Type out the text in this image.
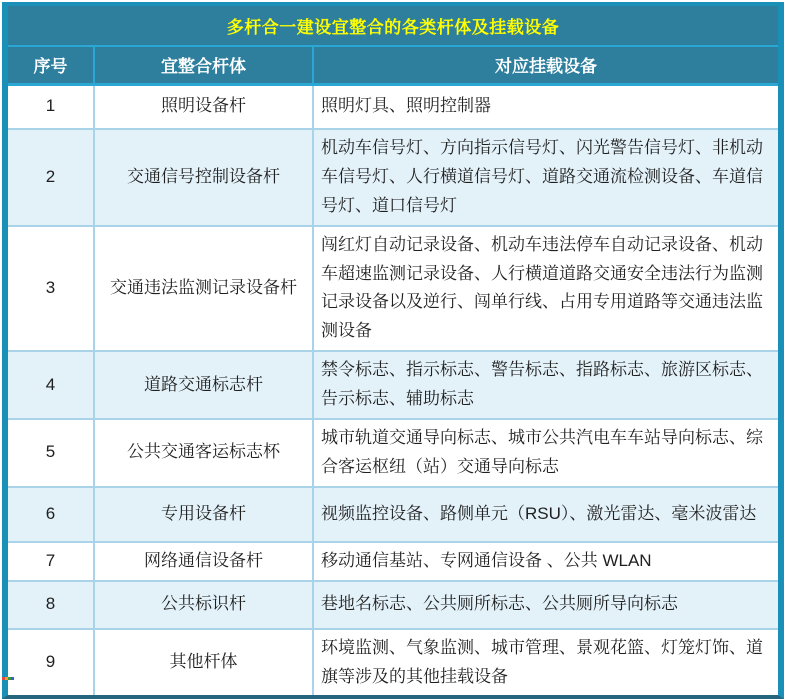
多杆合一建设宜整合的各类杆体及挂载设备
序号	宜整合杆体	对应挂载设备
1	照明设备杆	照明灯具、照明控制器
2	交通信号控制设备杆	机动车信号灯、方向指示信号灯、闪光警告信号灯、非机动车信号灯、人行横道信号灯、道路交通流检测设备、车道信号灯、道口信号灯
3	交通违法监测记录设备杆	闯红灯自动记录设备、机动车违法停车自动记录设备、机动车超速监测记录设备、人行横道道路交通安全违法行为监测记录设备以及逆行、闯单行线、占用专用道路等交通违法监测设备
4	道路交通标志杆	禁令标志、指示标志、警告标志、指路标志、旅游区标志、告示标志、辅助标志
5	公共交通客运标志杯	城市轨道交通导向标志、城市公共汽电车车站导向标志、综合客运枢纽（站）交通导向标志
6	专用设备杆	视频监控设备、路侧单元（RSU）、激光雷达、毫米波雷达
7	网络通信设备杆	移动通信基站、专网通信设备 、公共 WLAN
8	公共标识杆	巷地名标志、公共厕所标志、公共厕所导向标志
9	其他杆体	环境监测、气象监测、城市管理、景观花篮、灯笼灯饰、道旗等涉及的其他挂载设备
